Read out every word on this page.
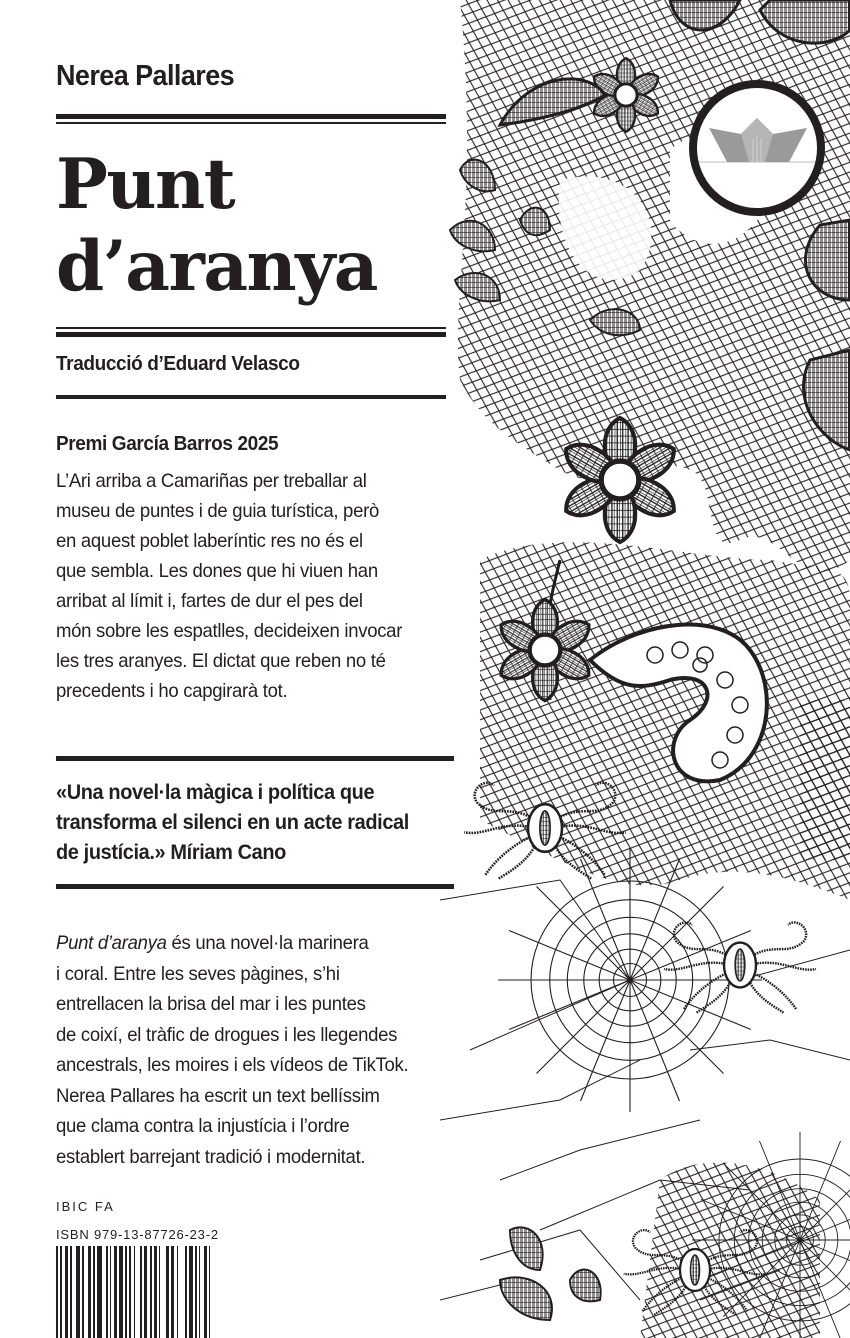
Nerea Pallares
Punt
d’aranya
Traducció d’Eduard Velasco
Premi García Barros 2025
L’Ari arriba a Camariñas per treballar al
museu de puntes i de guia turística, però
en aquest poblet laberíntic res no és el
que sembla. Les dones que hi viuen han
arribat al límit i, fartes de dur el pes del
món sobre les espatlles, decideixen invocar
les tres aranyes. El dictat que reben no té
precedents i ho capgirarà tot.
«Una novel·la màgica i política que
transforma el silenci en un acte radical
de justícia.» Míriam Cano
Punt d’aranya és una novel·la marinera
i coral. Entre les seves pàgines, s’hi
entrellacen la brisa del mar i les puntes
de coixí, el tràfic de drogues i les llegendes
ancestrals, les moires i els vídeos de TikTok.
Nerea Pallares ha escrit un text bellíssim
que clama contra la injustícia i l’ordre
establert barrejant tradició i modernitat.
IBIC FA
ISBN 979-13-87726-23-2
